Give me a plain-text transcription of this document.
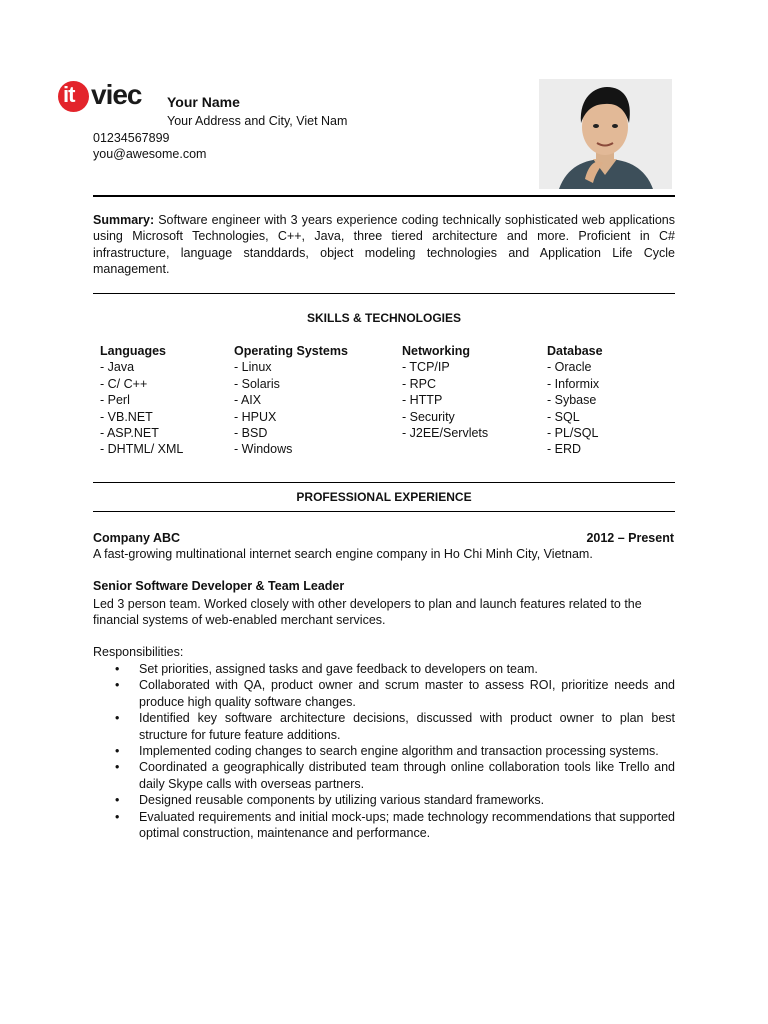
it viec Your Name
Your Address and City, Viet Nam
01234567899
you@awesome.com
Summary: Software engineer with 3 years experience coding technically sophisticated web applications using Microsoft Technologies, C++, Java, three tiered architecture and more. Proficient in C# infrastructure, language standdards, object modeling technologies and Application Life Cycle management.
SKILLS & TECHNOLOGIES
Languages
- Java
- C/ C++
- Perl
- VB.NET
- ASP.NET
- DHTML/ XML
Operating Systems
- Linux
- Solaris
- AIX
- HPUX
- BSD
- Windows
Networking
- TCP/IP
- RPC
- HTTP
- Security
- J2EE/Servlets
Database
- Oracle
- Informix
- Sybase
- SQL
- PL/SQL
- ERD
PROFESSIONAL EXPERIENCE
Company ABC	2012 – Present
A fast-growing multinational internet search engine company in Ho Chi Minh City, Vietnam.
Senior Software Developer & Team Leader
Led 3 person team. Worked closely with other developers to plan and launch features related to the financial systems of web-enabled merchant services.
Responsibilities:
• Set priorities, assigned tasks and gave feedback to developers on team.
• Collaborated with QA, product owner and scrum master to assess ROI, prioritize needs and produce high quality software changes.
• Identified key software architecture decisions, discussed with product owner to plan best structure for future feature additions.
• Implemented coding changes to search engine algorithm and transaction processing systems.
• Coordinated a geographically distributed team through online collaboration tools like Trello and daily Skype calls with overseas partners.
• Designed reusable components by utilizing various standard frameworks.
• Evaluated requirements and initial mock-ups; made technology recommendations that supported optimal construction, maintenance and performance.
